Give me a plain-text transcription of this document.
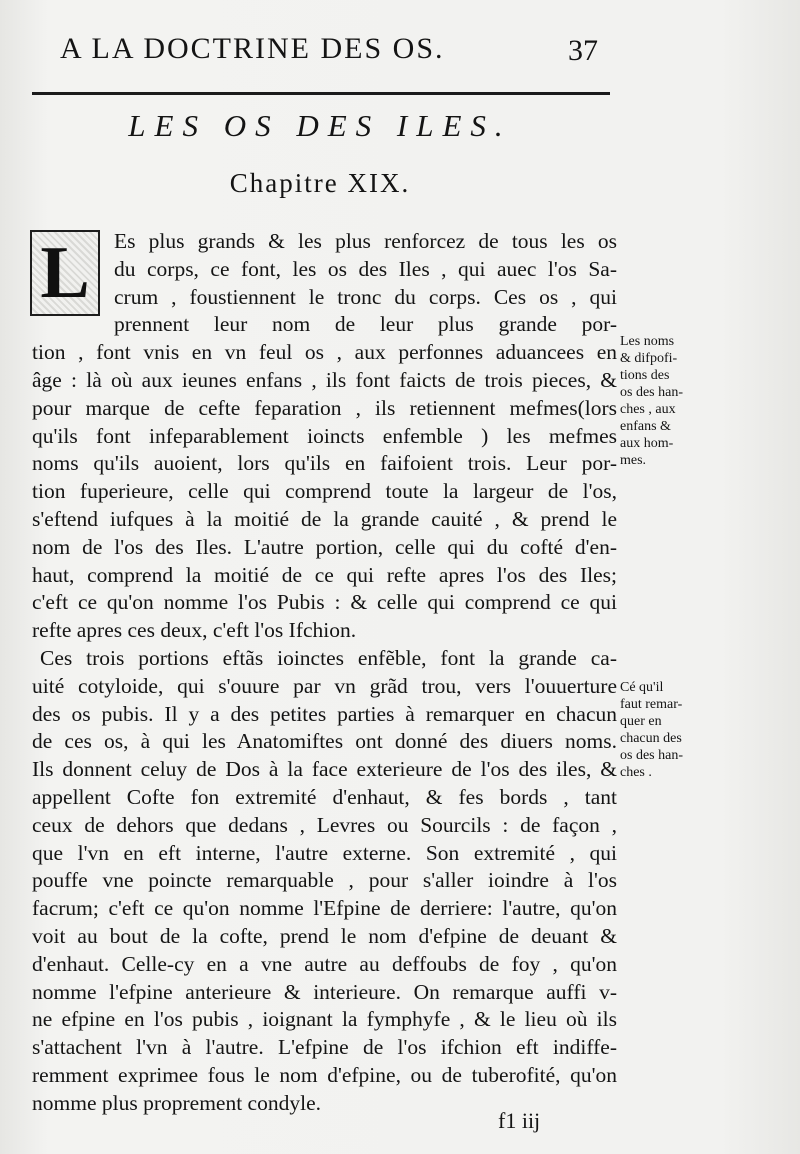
A LA DOCTRINE DES OS.	37
LES OS DES ILES.
Chapitre XIX.
L	Es plus grands & les plus renforcez de tous les os
du corps, ce font, les os des Iles , qui auec l'os Sa-
crum , foustiennent le tronc du corps. Ces os , qui
prennent leur nom de leur plus grande por-
tion , font vnis en vn feul os , aux perfonnes aduancees en
âge : là où aux ieunes enfans , ils font faicts de trois pieces, &
pour marque de cefte feparation , ils retiennent mefmes(lors
qu'ils font infeparablement ioincts enfemble ) les mefmes
noms qu'ils auoient, lors qu'ils en faifoient trois. Leur por-
tion fuperieure, celle qui comprend toute la largeur de l'os,
s'eftend iufques à la moitié de la grande cauité , & prend le
nom de l'os des Iles. L'autre portion, celle qui du cofté d'en-
haut, comprend la moitié de ce qui refte apres l'os des Iles;
c'eft ce qu'on nomme l'os Pubis : & celle qui comprend ce qui
refte apres ces deux, c'eft l'os Ifchion.
Ces trois portions eftãs ioinctes enfẽble, font la grande ca-
uité cotyloide, qui s'ouure par vn grãd trou, vers l'ouuerture
des os pubis. Il y a des petites parties à remarquer en chacun
de ces os, à qui les Anatomiftes ont donné des diuers noms.
Ils donnent celuy de Dos à la face exterieure de l'os des iles, &
appellent Cofte fon extremité d'enhaut, & fes bords , tant
ceux de dehors que dedans , Levres ou Sourcils : de façon ,
que l'vn en eft interne, l'autre externe. Son extremité , qui
pouffe vne poincte remarquable , pour s'aller ioindre à l'os
facrum; c'eft ce qu'on nomme l'Efpine de derriere: l'autre, qu'on
voit au bout de la cofte, prend le nom d'efpine de deuant &
d'enhaut. Celle-cy en a vne autre au deffoubs de foy , qu'on
nomme l'efpine anterieure & interieure. On remarque auffi v-
ne efpine en l'os pubis , ioignant la fymphyfe , & le lieu où ils
s'attachent l'vn à l'autre. L'efpine de l'os ifchion eft indiffe-
remment exprimee fous le nom d'efpine, ou de tuberofité, qu'on
nomme plus proprement condyle.
Les noms
& difpofi-
tions des
os des han-
ches , aux
enfans &
aux hom-
mes.
Cé qu'il
faut remar-
quer en
chacun des
os des han-
ches .
f1 iij
